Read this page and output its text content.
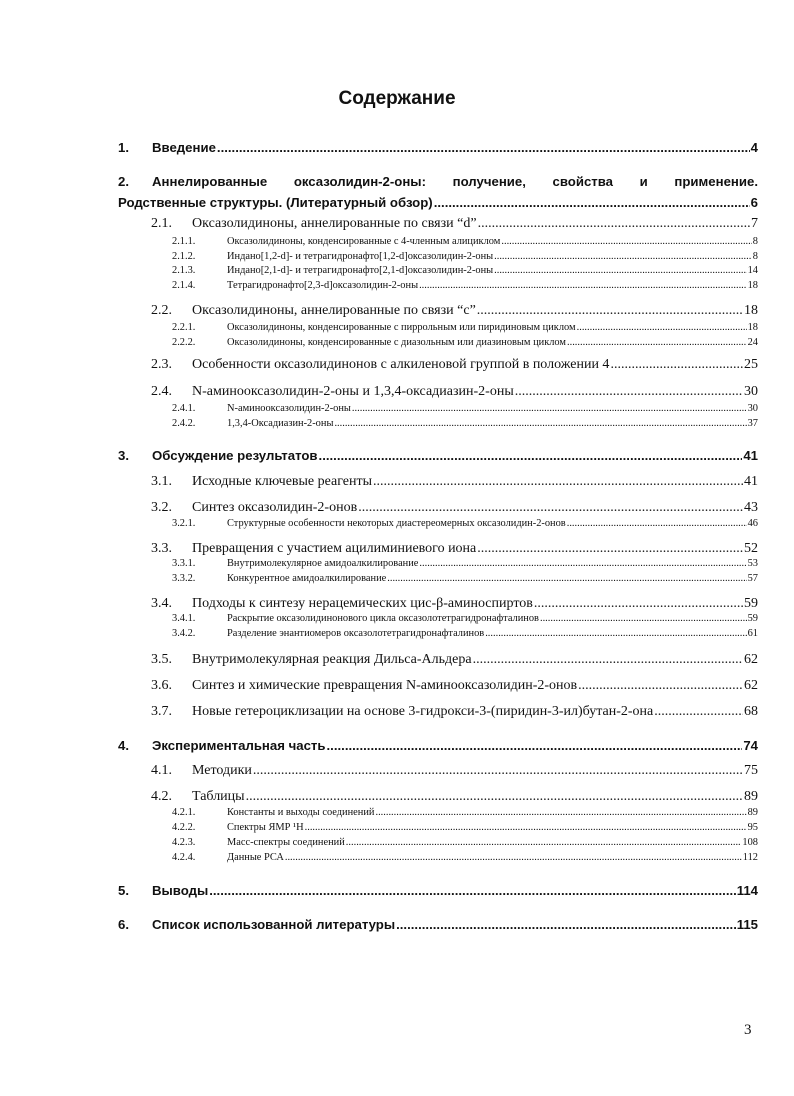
Содержание
1.	Введение .....	4
2.	Аннелированные оксазолидин-2-оны: получение, свойства и применение.
Родственные структуры. (Литературный обзор) .....	6
2.1.	Оксазолидиноны, аннелированные по связи “d” .....	7
2.1.1.	Оксазолидиноны, конденсированные с 4-членным алициклом .....	8
2.1.2.	Индано[1,2-d]- и тетрагидронафто[1,2-d]оксазолидин-2-оны .....	8
2.1.3.	Индано[2,1-d]- и тетрагидронафто[2,1-d]оксазолидин-2-оны .....	14
2.1.4.	Тетрагидронафто[2,3-d]оксазолидин-2-оны .....	18
2.2.	Оксазолидиноны, аннелированные по связи “c” .....	18
2.2.1.	Оксазолидиноны, конденсированные с пиррольным или пиридиновым циклом .....	18
2.2.2.	Оксазолидиноны, конденсированные с диазольным или диазиновым циклом .....	24
2.3.	Особенности оксазолидинонов с алкиленовой группой в положении 4 .....	25
2.4.	N-аминооксазолидин-2-оны и 1,3,4-оксадиазин-2-оны .....	30
2.4.1.	N-аминооксазолидин-2-оны .....	30
2.4.2.	1,3,4-Оксадиазин-2-оны .....	37
3.	Обсуждение результатов .....	41
3.1.	Исходные ключевые реагенты .....	41
3.2.	Синтез оксазолидин-2-онов .....	43
3.2.1.	Структурные особенности некоторых диастереомерных оксазолидин-2-онов .....	46
3.3.	Превращения с участием ацилиминиевого иона .....	52
3.3.1.	Внутримолекулярное амидоалкилирование .....	53
3.3.2.	Конкурентное амидоалкилирование .....	57
3.4.	Подходы к синтезу нерацемических цис-β-аминоспиртов .....	59
3.4.1.	Раскрытие оксазолидинонового цикла оксазолотетрагидронафталинов .....	59
3.4.2.	Разделение энантиомеров оксазолотетрагидронафталинов .....	61
3.5.	Внутримолекулярная реакция Дильса-Альдера .....	62
3.6.	Синтез и химические превращения N-аминооксазолидин-2-онов .....	62
3.7.	Новые гетероциклизации на основе 3-гидрокси-3-(пиридин-3-ил)бутан-2-она .....	68
4.	Экспериментальная часть .....	74
4.1.	Методики .....	75
4.2.	Таблицы .....	89
4.2.1.	Константы и выходы соединений .....	89
4.2.2.	Спектры ЯМР ¹Н .....	95
4.2.3.	Масс-спектры соединений .....	108
4.2.4.	Данные РСА .....	112
5.	Выводы .....	114
6.	Список использованной литературы .....	115
3
